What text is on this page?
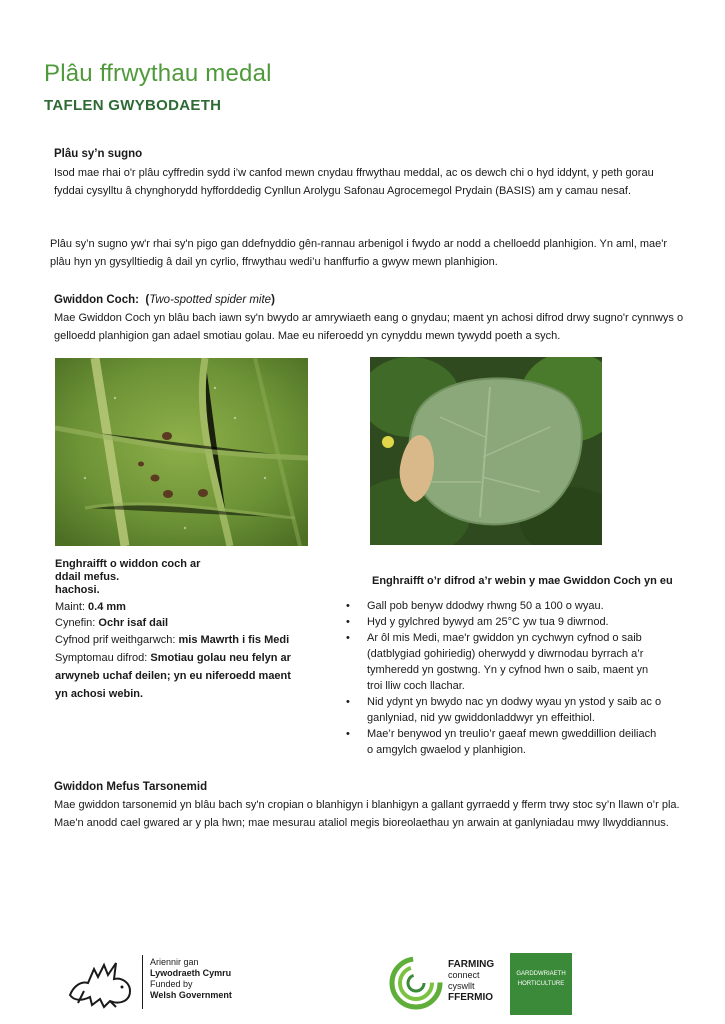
Plâu ffrwythau medal
TAFLEN GWYBODAETH
Plâu sy’n sugno
Isod mae rhai o'r plâu cyffredin sydd i’w canfod mewn cnydau ffrwythau meddal, ac os dewch chi o hyd iddynt, y peth gorau fyddai cysylltu â chynghorydd hyfforddedig Cynllun Arolygu Safonau Agrocemegol Prydain (BASIS) am y camau nesaf.
Plâu sy’n sugno yw'r rhai sy'n pigo gan ddefnyddio gên-rannau arbenigol i fwydo ar nodd a chelloedd planhigion. Yn aml, mae'r plâu hyn yn gysylltiedig â dail yn cyrlio, ffrwythau wedi’u hanffurfio a gwyw mewn planhigion.
Gwiddon Coch: (Two-spotted spider mite)
Mae Gwiddon Coch yn blâu bach iawn sy'n bwydo ar amrywiaeth eang o gnydau; maent yn achosi difrod drwy sugno'r cynnwys o gelloedd planhigion gan adael smotiau golau. Mae eu niferoedd yn cynyddu mewn tywydd poeth a sych.
Enghraifft o widdon coch ar
ddail mefus.
hachosi.
Maint: 0.4 mm
Cynefin: Ochr isaf dail
Cyfnod prif weithgarwch: mis Mawrth i fis Medi
Symptomau difrod: Smotiau golau neu felyn ar arwyneb uchaf deilen; yn eu niferoedd maent yn achosi webin.
Enghraifft o’r difrod a’r webin y mae Gwiddon Coch yn eu
• Gall pob benyw ddodwy rhwng 50 a 100 o wyau.
• Hyd y gylchred bywyd am 25°C yw tua 9 diwrnod.
• Ar ôl mis Medi, mae'r gwiddon yn cychwyn cyfnod o saib (datblygiad gohiriedig) oherwydd y diwrnodau byrrach a’r tymheredd yn gostwng. Yn y cyfnod hwn o saib, maent yn troi lliw coch llachar.
• Nid ydynt yn bwydo nac yn dodwy wyau yn ystod y saib ac o ganlyniad, nid yw gwiddonladdwyr yn effeithiol.
• Mae’r benywod yn treulio’r gaeaf mewn gweddillion deiliach o amgylch gwaelod y planhigion.
Gwiddon Mefus Tarsonemid
Mae gwiddon tarsonemid yn blâu bach sy'n cropian o blanhigyn i blanhigyn a gallant gyrraedd y fferm trwy stoc sy’n llawn o’r pla. Mae'n anodd cael gwared ar y pla hwn; mae mesurau ataliol megis bioreolaethau yn arwain at ganlyniadau mwy llwyddiannus.
Ariennir gan
Lywodraeth Cymru
Funded by
Welsh Government
FARMING
connect
cyswllt
FFERMIO
GARDDWRIAETH
HORTICULTURE
